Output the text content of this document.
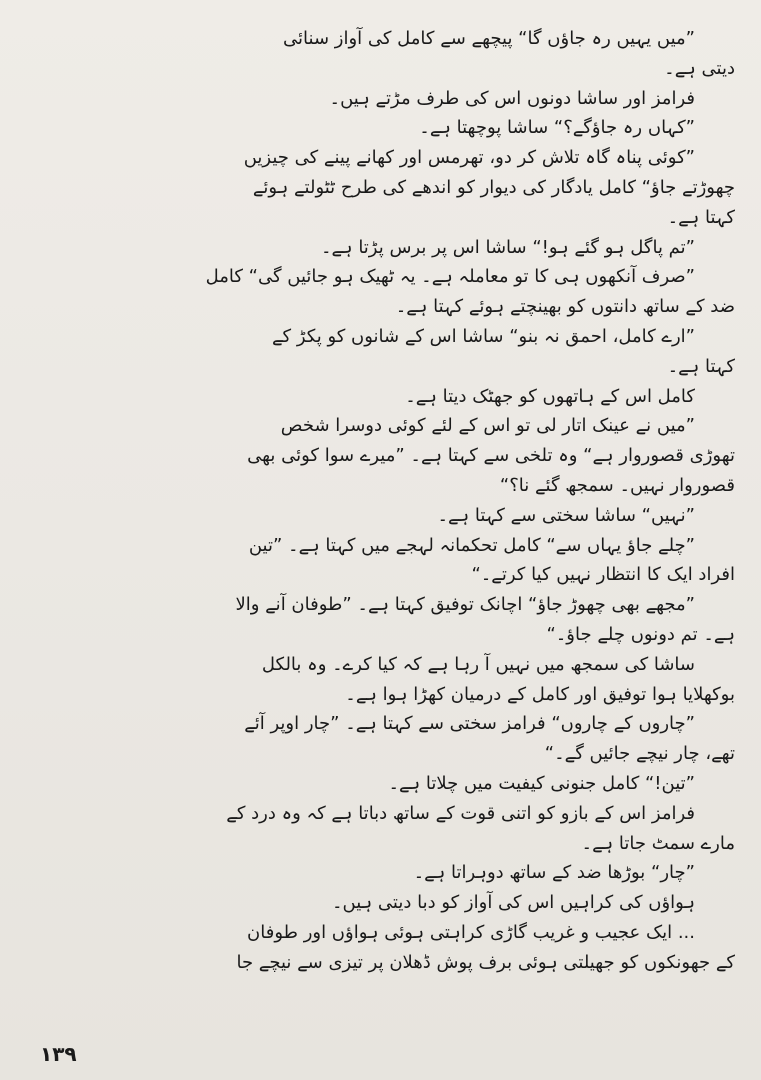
”میں یہیں رہ جاؤں گا“ پیچھے سے کامل کی آواز سنائی
دیتی ہے۔
فرامز اور ساشا دونوں اس کی طرف مڑتے ہیں۔
”کہاں رہ جاؤگے؟“ ساشا پوچھتا ہے۔
”کوئی پناہ گاہ تلاش کر دو، تھرمس اور کھانے پینے کی چیزیں
چھوڑتے جاؤ“ کامل یادگار کی دیوار کو اندھے کی طرح ٹٹولتے ہوئے
کہتا ہے۔
”تم پاگل ہو گئے ہو!“ ساشا اس پر برس پڑتا ہے۔
”صرف آنکھوں ہی کا تو معاملہ ہے۔ یہ ٹھیک ہو جائیں گی“ کامل
ضد کے ساتھ دانتوں کو بھینچتے ہوئے کہتا ہے۔
”ارے کامل، احمق نہ بنو“ ساشا اس کے شانوں کو پکڑ کے
کہتا ہے۔
کامل اس کے ہاتھوں کو جھٹک دیتا ہے۔
”میں نے عینک اتار لی تو اس کے لئے کوئی دوسرا شخص
تھوڑی قصوروار ہے“ وہ تلخی سے کہتا ہے۔ ”میرے سوا کوئی بھی
قصوروار نہیں۔ سمجھ گئے نا؟“
”نہیں“ ساشا سختی سے کہتا ہے۔
”چلے جاؤ یہاں سے“ کامل تحکمانہ لہجے میں کہتا ہے۔ ”تین
افراد ایک کا انتظار نہیں کیا کرتے۔“
”مجھے بھی چھوڑ جاؤ“ اچانک توفیق کہتا ہے۔ ”طوفان آنے والا
ہے۔ تم دونوں چلے جاؤ۔“
ساشا کی سمجھ میں نہیں آ رہا ہے کہ کیا کرے۔ وہ بالکل
بوکھلایا ہوا توفیق اور کامل کے درمیان کھڑا ہوا ہے۔
”چاروں کے چاروں“ فرامز سختی سے کہتا ہے۔ ”چار اوپر آئے
تھے، چار نیچے جائیں گے۔“
”تین!“ کامل جنونی کیفیت میں چلاتا ہے۔
فرامز اس کے بازو کو اتنی قوت کے ساتھ دباتا ہے کہ وہ درد کے
مارے سمٹ جاتا ہے۔
”چار“ بوڑھا ضد کے ساتھ دوہراتا ہے۔
ہواؤں کی کراہیں اس کی آواز کو دبا دیتی ہیں۔
... ایک عجیب و غریب گاڑی کراہتی ہوئی ہواؤں اور طوفان
کے جھونکوں کو جھیلتی ہوئی برف پوش ڈھلان پر تیزی سے نیچے جا
۱۳۹
